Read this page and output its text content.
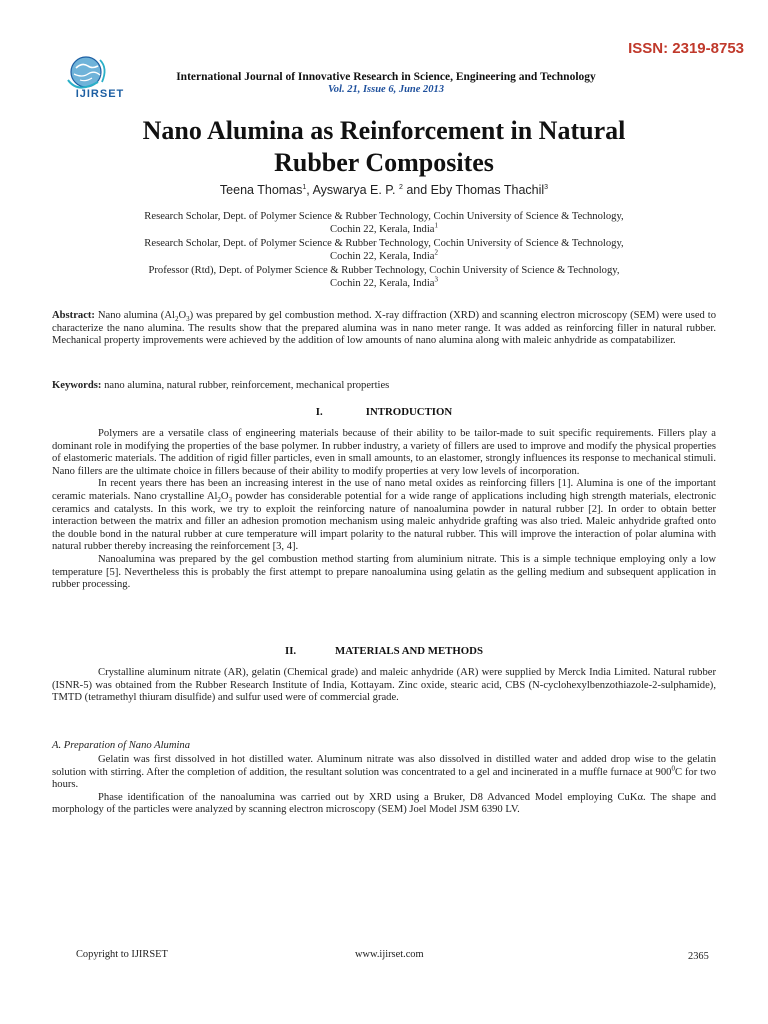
ISSN: 2319-8753
IJIRSET
International Journal of Innovative Research in Science, Engineering and Technology
Vol. 21, Issue 6, June 2013
Nano Alumina as Reinforcement in Natural
Rubber Composites
Teena Thomas$^1$, Ayswarya E. P. $^2$ and Eby Thomas Thachil$^3$
Research Scholar, Dept. of Polymer Science & Rubber Technology, Cochin University of Science & Technology,
Cochin 22, Kerala, India$^1$
Research Scholar, Dept. of Polymer Science & Rubber Technology, Cochin University of Science & Technology,
Cochin 22, Kerala, India$^2$
Professor (Rtd), Dept. of Polymer Science & Rubber Technology, Cochin University of Science & Technology,
Cochin 22, Kerala, India$^3$

Abstract: Nano alumina $(Al_2O_3)$ was prepared by gel combustion method. X-ray diffraction (XRD) and scanning electron microscopy (SEM) were used to characterize the nano alumina. The results show that the prepared alumina was in nano meter range. It was added as reinforcing filler in natural rubber. Mechanical property improvements were achieved by the addition of low amounts of nano alumina along with maleic anhydride as compatabilizer.

Keywords: nano alumina, natural rubber, reinforcement, mechanical properties

I.	INTRODUCTION

Polymers are a versatile class of engineering materials because of their ability to be tailor-made to suit specific requirements. Fillers play a dominant role in modifying the properties of the base polymer. In rubber industry, a variety of fillers are used to improve and modify the physical properties of elastomeric materials. The addition of rigid filler particles, even in small amounts, to an elastomer, strongly influences its response to mechanical stimuli. Nano fillers are the ultimate choice in fillers because of their ability to modify properties at very low levels of incorporation.

In recent years there has been an increasing interest in the use of nano metal oxides as reinforcing fillers [1]. Alumina is one of the important ceramic materials. Nano crystalline $Al_2O_3$ powder has considerable potential for a wide range of applications including high strength materials, electronic ceramics and catalysts. In this work, we try to exploit the reinforcing nature of nanoalumina powder in natural rubber [2]. In order to obtain better interaction between the matrix and filler an adhesion promotion mechanism using maleic anhydride grafting was also tried. Maleic anhydride grafted onto the double bond in the natural rubber at cure temperature will impart polarity to the natural rubber. This will improve the interaction of polar alumina with natural rubber thereby increasing the reinforcement [3, 4].

Nanoalumina was prepared by the gel combustion method starting from aluminium nitrate. This is a simple technique employing only a low temperature [5]. Nevertheless this is probably the first attempt to prepare nanoalumina using gelatin as the gelling medium and subsequent application in rubber processing.

II.	MATERIALS AND METHODS

Crystalline aluminum nitrate (AR), gelatin (Chemical grade) and maleic anhydride (AR) were supplied by Merck India Limited. Natural rubber (ISNR-5) was obtained from the Rubber Research Institute of India, Kottayam. Zinc oxide, stearic acid, CBS (N-cyclohexylbenzothiazole-2-sulphamide), TMTD (tetramethyl thiuram disulfide) and sulfur used were of commercial grade.

A. Preparation of Nano Alumina

Gelatin was first dissolved in hot distilled water. Aluminum nitrate was also dissolved in distilled water and added drop wise to the gelatin solution with stirring. After the completion of addition, the resultant solution was concentrated to a gel and incinerated in a muffle furnace at $900^0C$ for two hours.

Phase identification of the nanoalumina was carried out by XRD using a Bruker, D8 Advanced Model employing CuKα. The shape and morphology of the particles were analyzed by scanning electron microscopy (SEM) Joel Model JSM 6390 LV.

Copyright to IJIRSET	www.ijirset.com	2365
